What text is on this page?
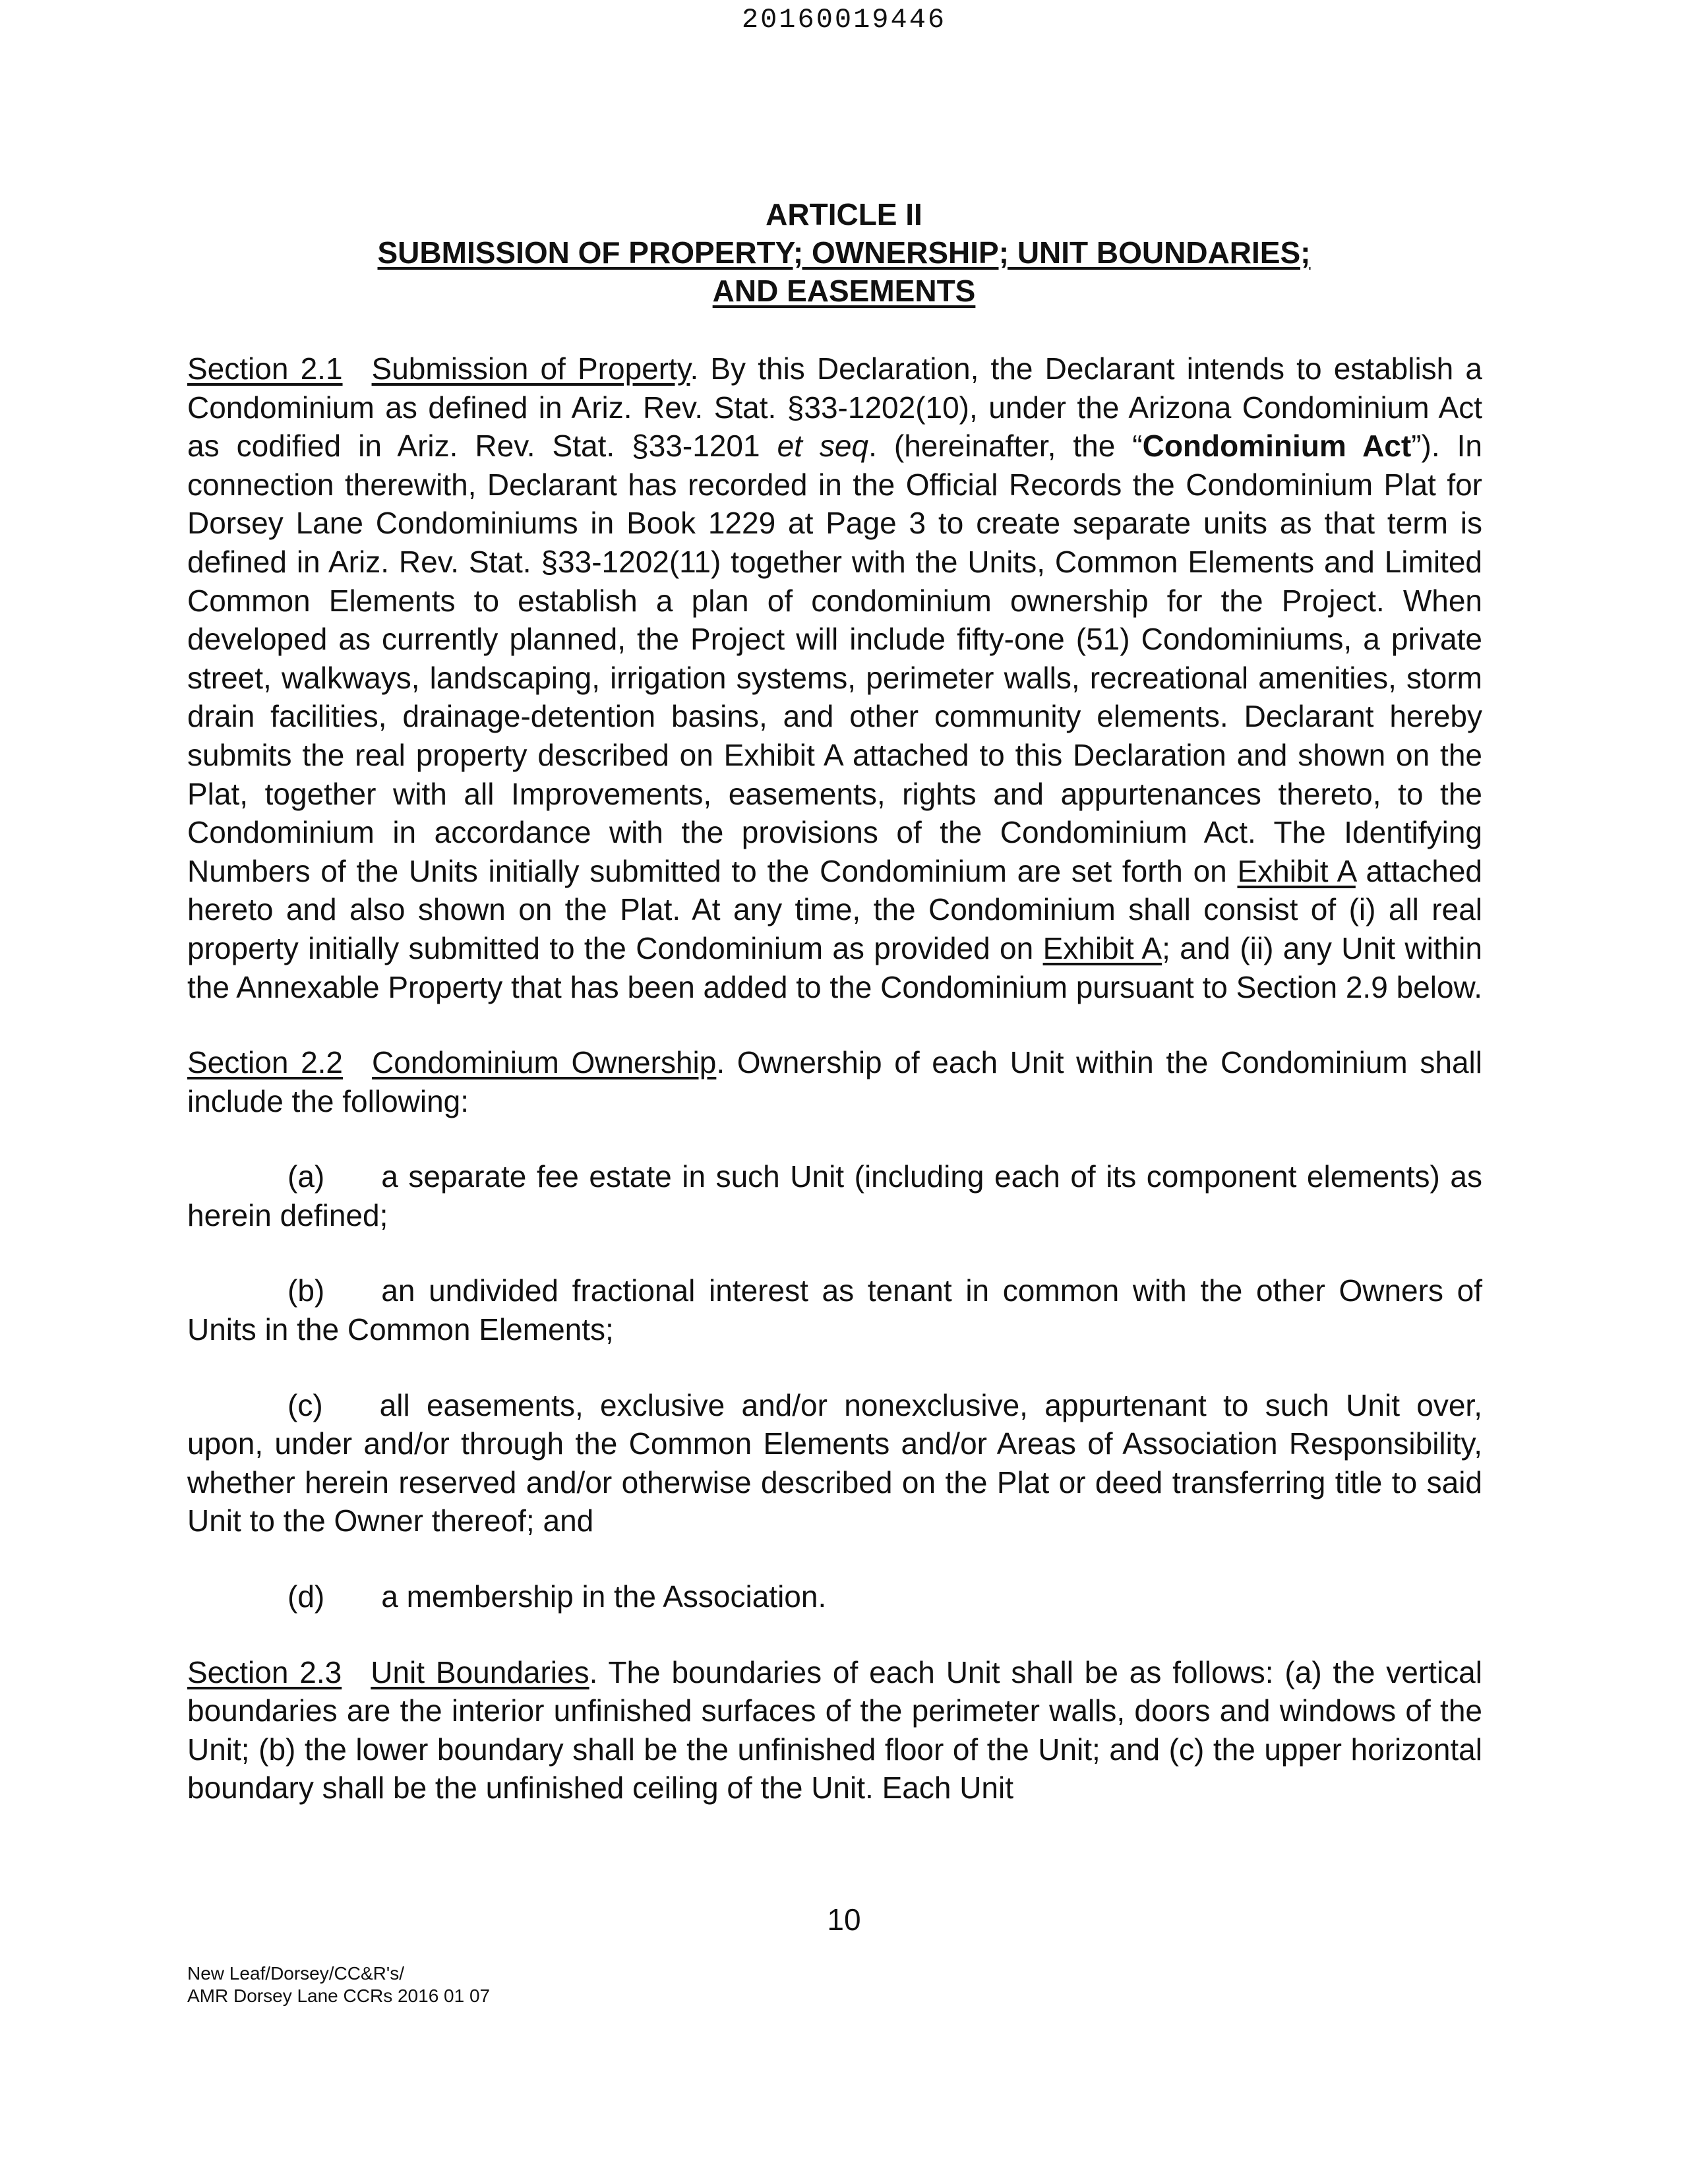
20160019446
ARTICLE II
SUBMISSION OF PROPERTY; OWNERSHIP; UNIT BOUNDARIES;
AND EASEMENTS

Section 2.1 Submission of Property. By this Declaration, the Declarant intends to establish a Condominium as defined in Ariz. Rev. Stat. §33-1202(10), under the Arizona Condominium Act as codified in Ariz. Rev. Stat. §33-1201 et seq. (hereinafter, the “Condominium Act”). In connection therewith, Declarant has recorded in the Official Records the Condominium Plat for Dorsey Lane Condominiums in Book 1229 at Page 3 to create separate units as that term is defined in Ariz. Rev. Stat. §33-1202(11) together with the Units, Common Elements and Limited Common Elements to establish a plan of condominium ownership for the Project. When developed as currently planned, the Project will include fifty-one (51) Condominiums, a private street, walkways, landscaping, irrigation systems, perimeter walls, recreational amenities, storm drain facilities, drainage-detention basins, and other community elements. Declarant hereby submits the real property described on Exhibit A attached to this Declaration and shown on the Plat, together with all Improvements, easements, rights and appurtenances thereto, to the Condominium in accordance with the provisions of the Condominium Act. The Identifying Numbers of the Units initially submitted to the Condominium are set forth on Exhibit A attached hereto and also shown on the Plat. At any time, the Condominium shall consist of (i) all real property initially submitted to the Condominium as provided on Exhibit A; and (ii) any Unit within the Annexable Property that has been added to the Condominium pursuant to Section 2.9 below.

Section 2.2 Condominium Ownership. Ownership of each Unit within the Condominium shall include the following:

(a) a separate fee estate in such Unit (including each of its component elements) as herein defined;

(b) an undivided fractional interest as tenant in common with the other Owners of Units in the Common Elements;

(c) all easements, exclusive and/or nonexclusive, appurtenant to such Unit over, upon, under and/or through the Common Elements and/or Areas of Association Responsibility, whether herein reserved and/or otherwise described on the Plat or deed transferring title to said Unit to the Owner thereof; and

(d) a membership in the Association.

Section 2.3 Unit Boundaries. The boundaries of each Unit shall be as follows: (a) the vertical boundaries are the interior unfinished surfaces of the perimeter walls, doors and windows of the Unit; (b) the lower boundary shall be the unfinished floor of the Unit; and (c) the upper horizontal boundary shall be the unfinished ceiling of the Unit. Each Unit

10
New Leaf/Dorsey/CC&R's/
AMR Dorsey Lane CCRs 2016 01 07
